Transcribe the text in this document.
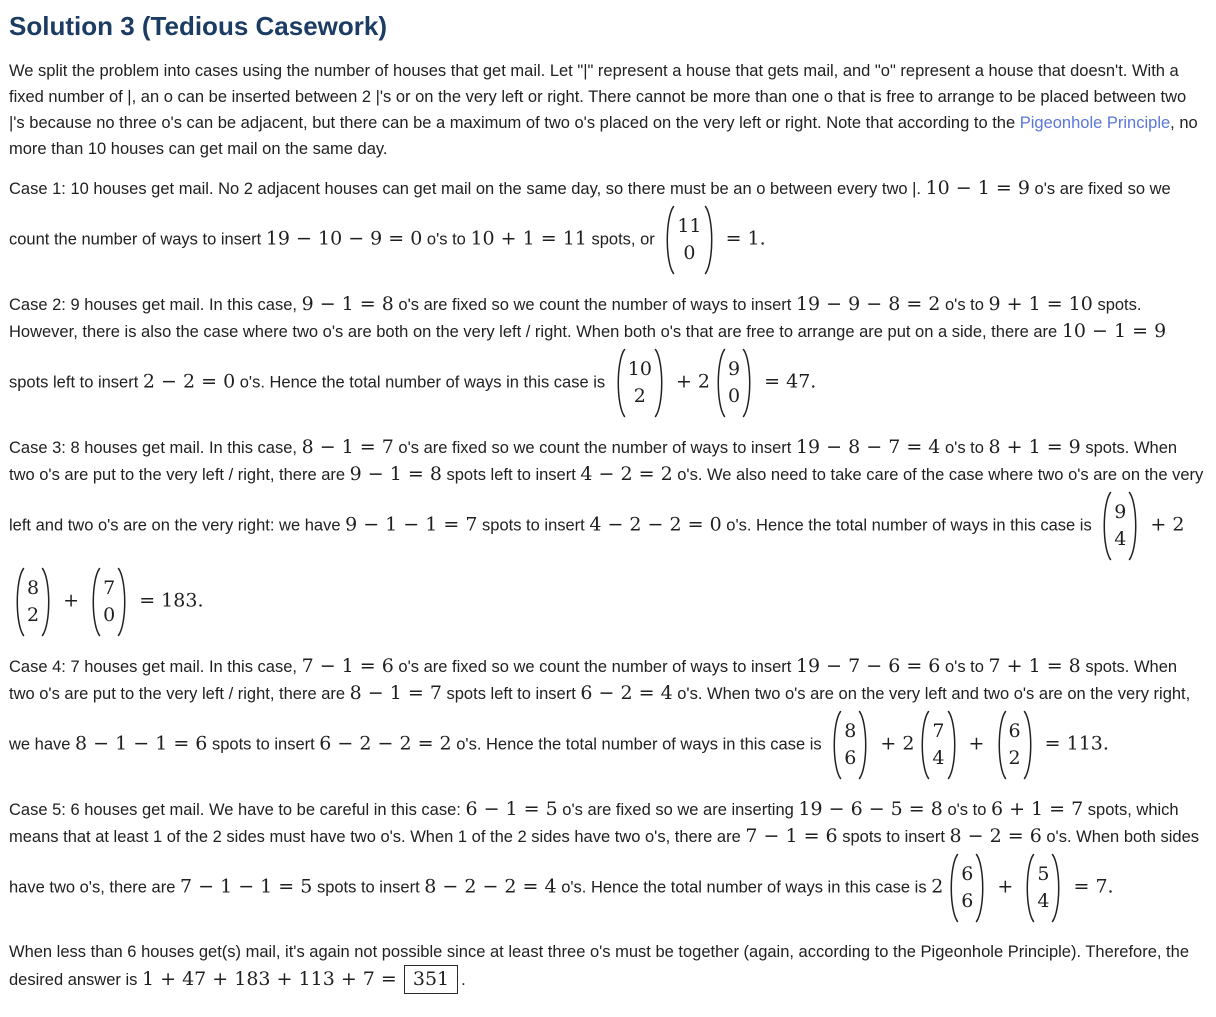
Solution 3 (Tedious Casework)

We split the problem into cases using the number of houses that get mail. Let "|" represent a house that gets mail, and "o" represent a house that doesn't. With a fixed number of |, an o can be inserted between 2 |'s or on the very left or right. There cannot be more than one o that is free to arrange to be placed between two |'s because no three o's can be adjacent, but there can be a maximum of two o's placed on the very left or right. Note that according to the Pigeonhole Principle, no more than 10 houses can get mail on the same day.

Case 1: 10 houses get mail. No 2 adjacent houses can get mail on the same day, so there must be an o between every two |. 10 − 1 = 9 o's are fixed so we count the number of ways to insert 19 − 10 − 9 = 0 o's to 10 + 1 = 11 spots, or
11
0
= 1.

Case 2: 9 houses get mail. In this case, 9 − 1 = 8 o's are fixed so we count the number of ways to insert 19 − 9 − 8 = 2 o's to 9 + 1 = 10 spots. However, there is also the case where two o's are both on the very left / right. When both o's that are free to arrange are put on a side, there are 10 − 1 = 9 spots left to insert 2 − 2 = 0 o's. Hence the total number of ways in this case is
10
2
+ 2
9
0
= 47.

Case 3: 8 houses get mail. In this case, 8 − 1 = 7 o's are fixed so we count the number of ways to insert 19 − 8 − 7 = 4 o's to 8 + 1 = 9 spots. When two o's are put to the very left / right, there are 9 − 1 = 8 spots left to insert 4 − 2 = 2 o's. We also need to take care of the case where two o's are on the very left and two o's are on the very right: we have 9 − 1 − 1 = 7 spots to insert 4 − 2 − 2 = 0 o's. Hence the total number of ways in this case is
9
4
+ 2
8
2
+
7
0
= 183.

Case 4: 7 houses get mail. In this case, 7 − 1 = 6 o's are fixed so we count the number of ways to insert 19 − 7 − 6 = 6 o's to 7 + 1 = 8 spots. When two o's are put to the very left / right, there are 8 − 1 = 7 spots left to insert 6 − 2 = 4 o's. When two o's are on the very left and two o's are on the very right, we have 8 − 1 − 1 = 6 spots to insert 6 − 2 − 2 = 2 o's. Hence the total number of ways in this case is
8
6
+ 2
7
4
+
6
2
= 113.

Case 5: 6 houses get mail. We have to be careful in this case: 6 − 1 = 5 o's are fixed so we are inserting 19 − 6 − 5 = 8 o's to 6 + 1 = 7 spots, which means that at least 1 of the 2 sides must have two o's. When 1 of the 2 sides have two o's, there are 7 − 1 = 6 spots to insert 8 − 2 = 6 o's. When both sides have two o's, there are 7 − 1 − 1 = 5 spots to insert 8 − 2 − 2 = 4 o's. Hence the total number of ways in this case is 2
6
6
+
5
4
= 7.

When less than 6 houses get(s) mail, it's again not possible since at least three o's must be together (again, according to the Pigeonhole Principle). Therefore, the desired answer is 1 + 47 + 183 + 113 + 7 = 351 .
